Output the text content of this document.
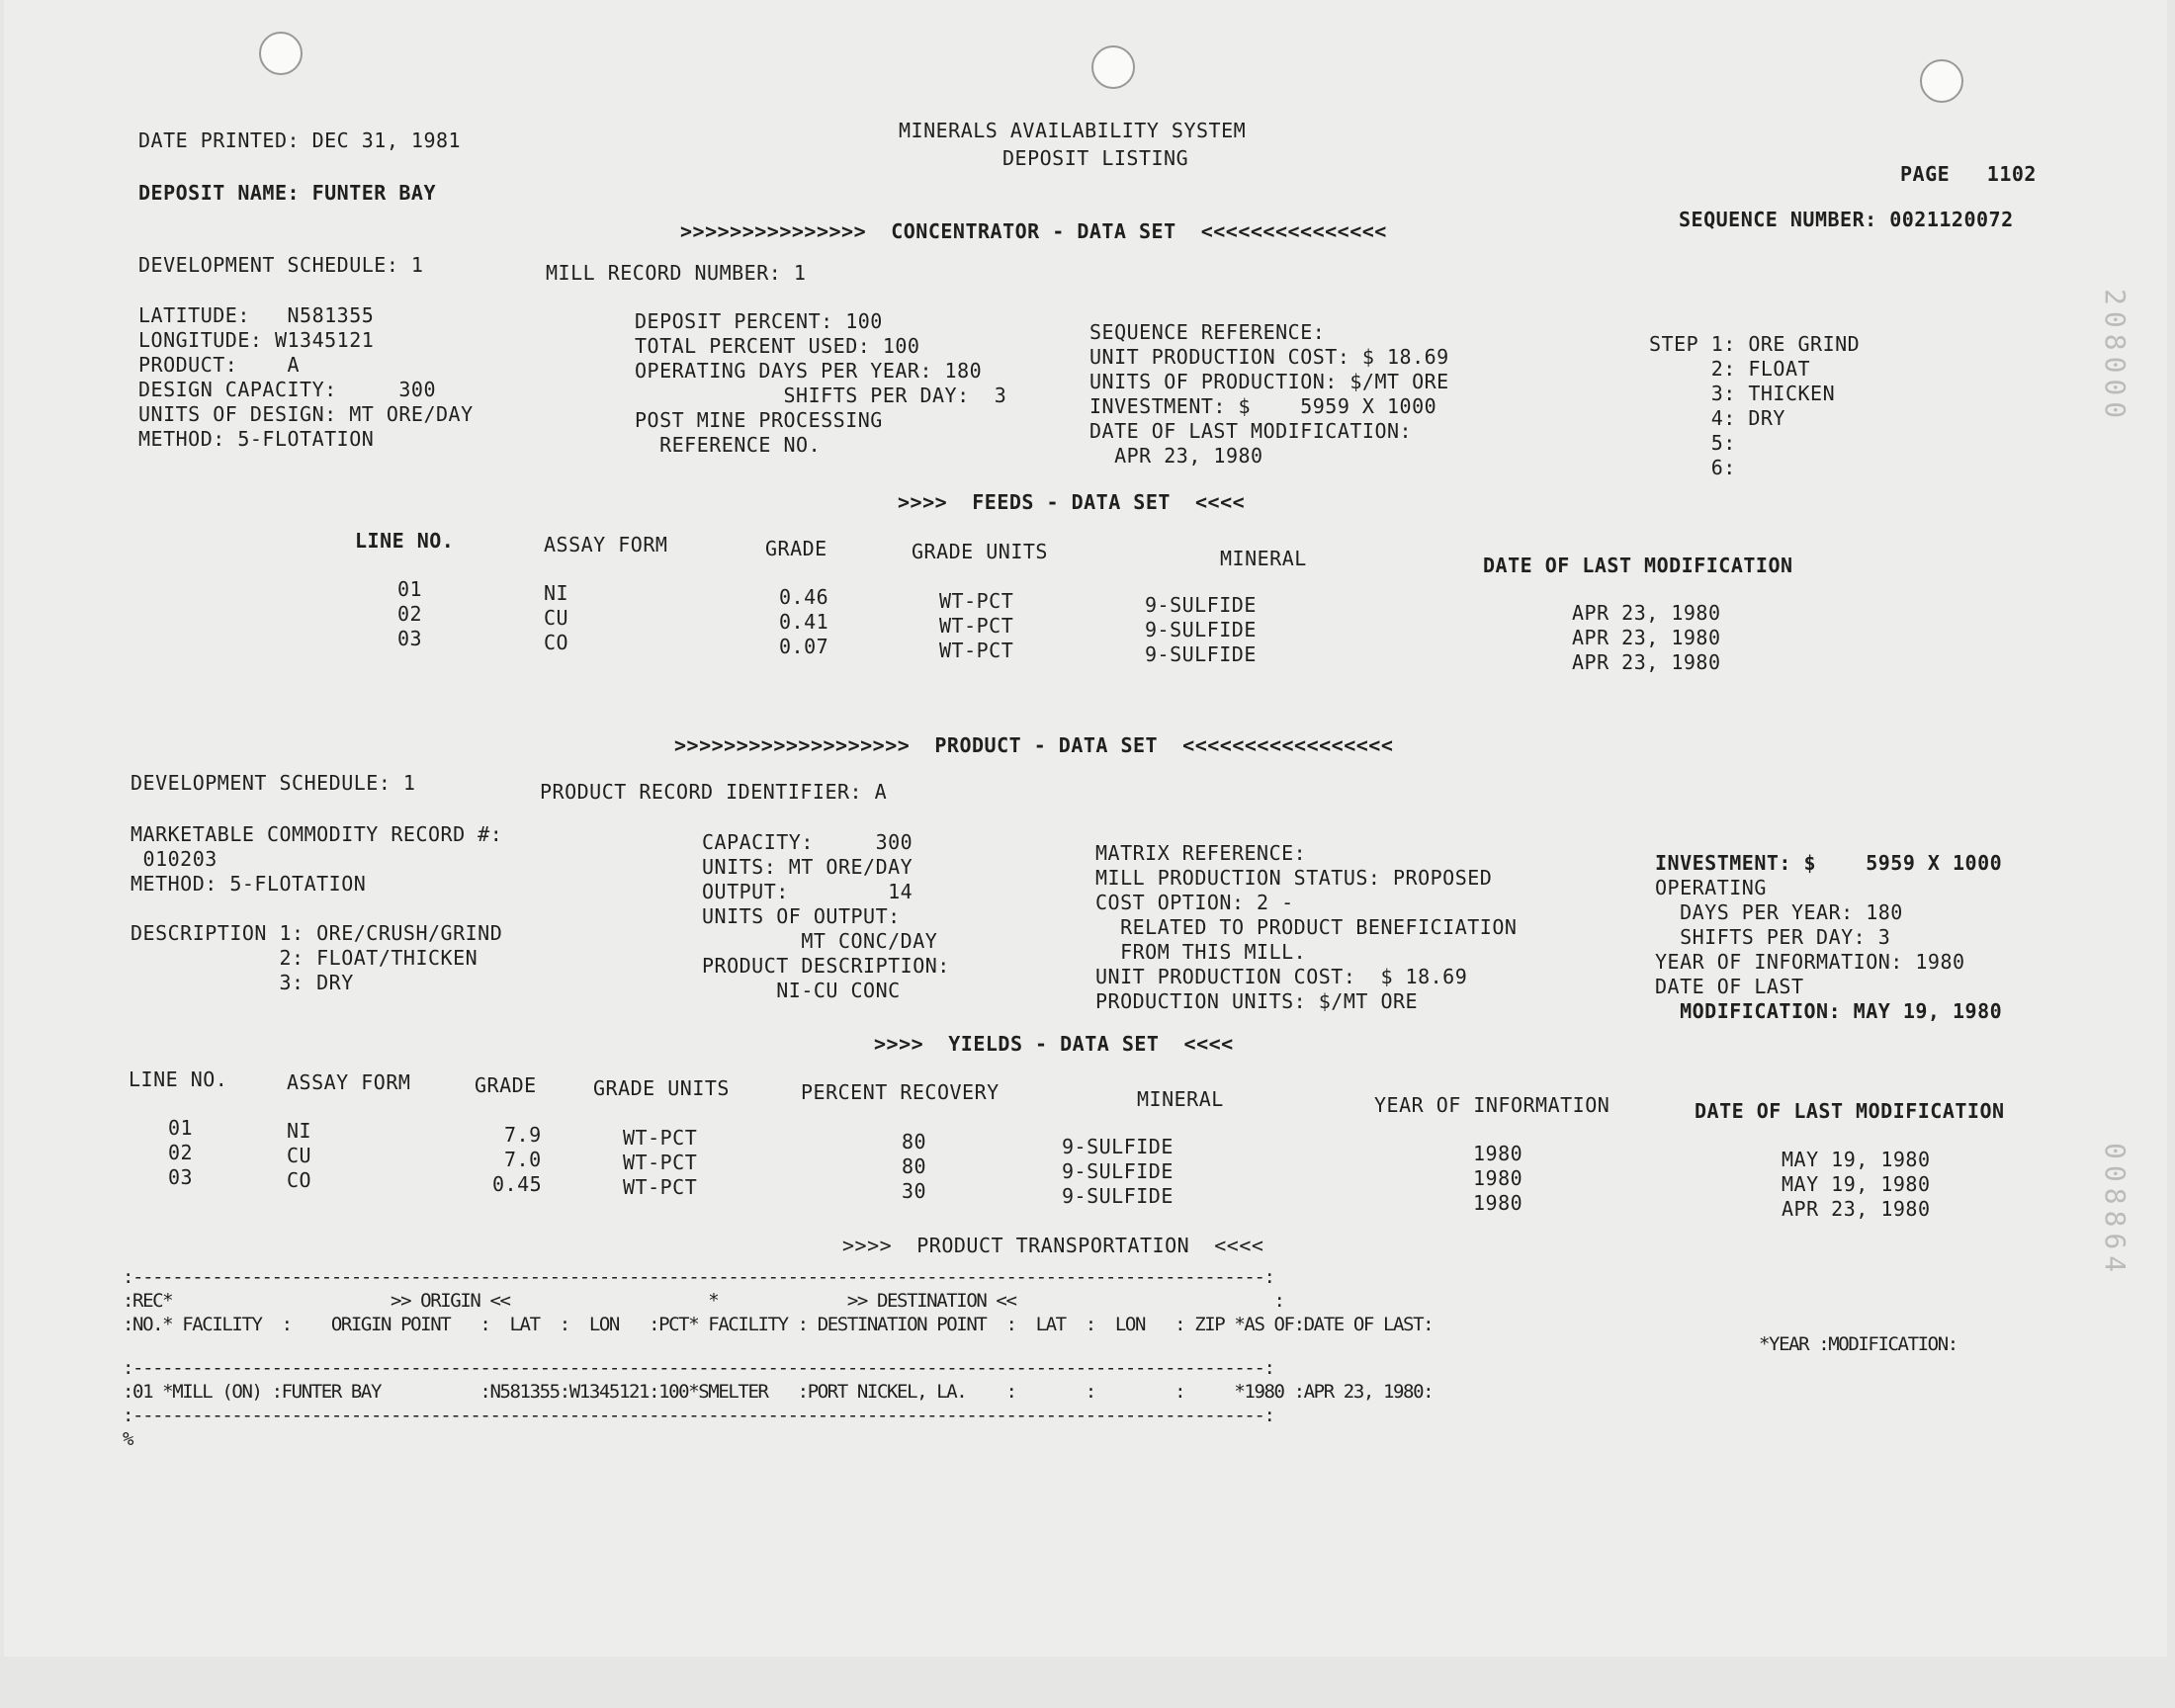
DATE PRINTED: DEC 31, 1981
DEPOSIT NAME: FUNTER BAY
MINERALS AVAILABILITY SYSTEM
DEPOSIT LISTING
PAGE   1102
SEQUENCE NUMBER: 0021120072
>>>>>>>>>>>>>>>  CONCENTRATOR - DATA SET  <<<<<<<<<<<<<<<
DEVELOPMENT SCHEDULE: 1	MILL RECORD NUMBER: 1
LATITUDE:   N581355
LONGITUDE: W1345121
PRODUCT:    A
DESIGN CAPACITY:     300
UNITS OF DESIGN: MT ORE/DAY
METHOD: 5-FLOTATION
DEPOSIT PERCENT: 100
TOTAL PERCENT USED: 100
OPERATING DAYS PER YEAR: 180
SHIFTS PER DAY:  3
POST MINE PROCESSING
REFERENCE NO.
SEQUENCE REFERENCE:
UNIT PRODUCTION COST: $ 18.69
UNITS OF PRODUCTION: $/MT ORE
INVESTMENT: $    5959 X 1000
DATE OF LAST MODIFICATION:
APR 23, 1980
STEP 1: ORE GRIND
2: FLOAT
3: THICKEN
4: DRY
5:
6:
>>>>  FEEDS - DATA SET  <<<<
LINE NO.	ASSAY FORM	GRADE	GRADE UNITS	MINERAL	DATE OF LAST MODIFICATION
01	NI	0.46	WT-PCT	9-SULFIDE	APR 23, 1980
02	CU	0.41	WT-PCT	9-SULFIDE	APR 23, 1980
03	CO	0.07	WT-PCT	9-SULFIDE	APR 23, 1980
>>>>>>>>>>>>>>>>>>>  PRODUCT - DATA SET  <<<<<<<<<<<<<<<<<
DEVELOPMENT SCHEDULE: 1	PRODUCT RECORD IDENTIFIER: A
MARKETABLE COMMODITY RECORD #:
010203
METHOD: 5-FLOTATION
DESCRIPTION 1: ORE/CRUSH/GRIND
2: FLOAT/THICKEN
3: DRY
CAPACITY:     300
UNITS: MT ORE/DAY
OUTPUT:        14
UNITS OF OUTPUT:
MT CONC/DAY
PRODUCT DESCRIPTION:
NI-CU CONC
MATRIX REFERENCE:
MILL PRODUCTION STATUS: PROPOSED
COST OPTION: 2 -
RELATED TO PRODUCT BENEFICIATION
FROM THIS MILL.
UNIT PRODUCTION COST:  $ 18.69
PRODUCTION UNITS: $/MT ORE
INVESTMENT: $    5959 X 1000
OPERATING
DAYS PER YEAR: 180
SHIFTS PER DAY: 3
YEAR OF INFORMATION: 1980
DATE OF LAST
MODIFICATION: MAY 19, 1980
>>>>  YIELDS - DATA SET  <<<<
LINE NO.	ASSAY FORM	GRADE	GRADE UNITS	PERCENT RECOVERY	MINERAL	YEAR OF INFORMATION	DATE OF LAST MODIFICATION
01	NI	7.9	WT-PCT	80	9-SULFIDE	1980	MAY 19, 1980
02	CU	7.0	WT-PCT	80	9-SULFIDE	1980	MAY 19, 1980
03	CO	0.45	WT-PCT	30	9-SULFIDE	1980	APR 23, 1980
>>>>  PRODUCT TRANSPORTATION  <<<<
:------------------------------------------------------------------------------------------------------------------:
:REC*                      >> ORIGIN <<                    *             >> DESTINATION <<                          :
:NO.* FACILITY  :    ORIGIN POINT   :  LAT  :  LON   :PCT* FACILITY : DESTINATION POINT  :  LAT  :  LON   : ZIP *AS OF:DATE OF LAST:
*YEAR :MODIFICATION:
:------------------------------------------------------------------------------------------------------------------:
:01 *MILL (ON) :FUNTER BAY          :N581355:W1345121:100*SMELTER   :PORT NICKEL, LA.    :       :        :     *1980 :APR 23, 1980:
:------------------------------------------------------------------------------------------------------------------:
%
208000
008864
